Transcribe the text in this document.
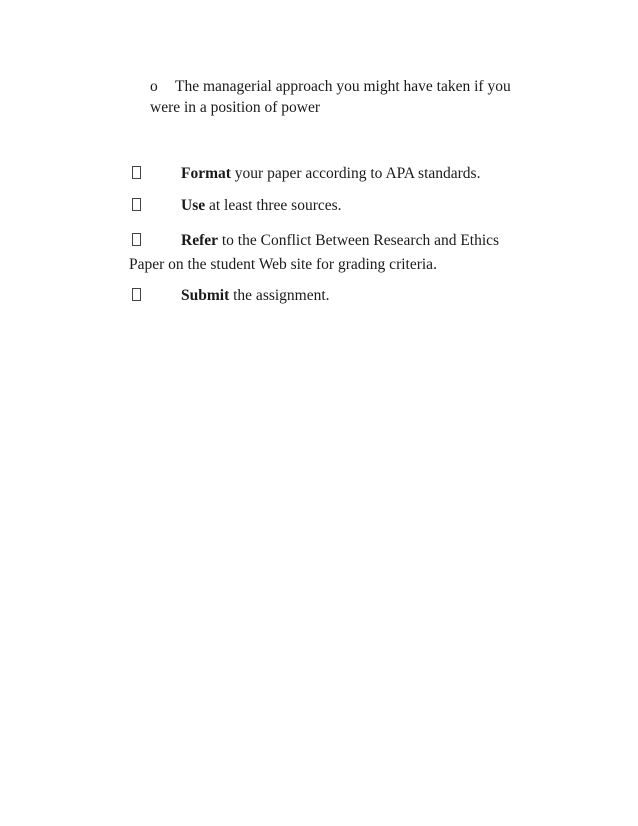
o The managerial approach you might have taken if you
were in a position of power
Format your paper according to APA standards.
Use at least three sources.
Refer to the Conflict Between Research and Ethics
Paper on the student Web site for grading criteria.
Submit the assignment.
